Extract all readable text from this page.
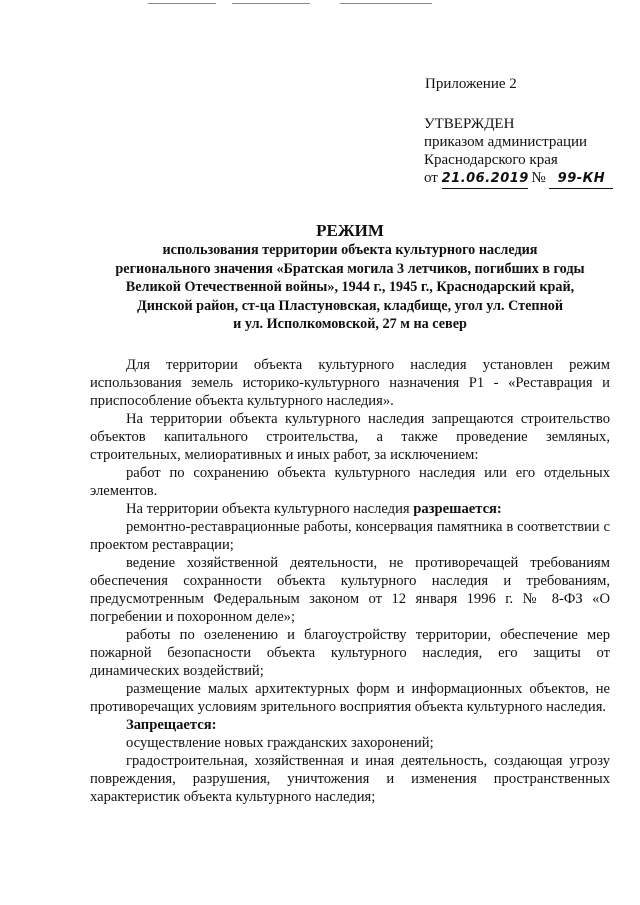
Приложение 2
УТВЕРЖДЕН
приказом администрации
Краснодарского края
от 21.06.2019 № 99-КН
РЕЖИМ
использования территории объекта культурного наследия
регионального значения «Братская могила 3 летчиков, погибших в годы
Великой Отечественной войны», 1944 г., 1945 г., Краснодарский край,
Динской район, ст-ца Пластуновская, кладбище, угол ул. Степной
и ул. Исполкомовской, 27 м на север

Для территории объекта культурного наследия установлен режим использования земель историко-культурного назначения Р1 - «Реставрация и приспособление объекта культурного наследия».

На территории объекта культурного наследия запрещаются строительство объектов капитального строительства, а также проведение земляных, строительных, мелиоративных и иных работ, за исключением:

работ по сохранению объекта культурного наследия или его отдельных элементов.

На территории объекта культурного наследия разрешается:

ремонтно-реставрационные работы, консервация памятника в соответствии с проектом реставрации;

ведение хозяйственной деятельности, не противоречащей требованиям обеспечения сохранности объекта культурного наследия и требованиям, предусмотренным Федеральным законом от 12 января 1996 г. № 8-ФЗ «О погребении и похоронном деле»;

работы по озеленению и благоустройству территории, обеспечение мер пожарной безопасности объекта культурного наследия, его защиты от динамических воздействий;

размещение малых архитектурных форм и информационных объектов, не противоречащих условиям зрительного восприятия объекта культурного наследия.

Запрещается:

осуществление новых гражданских захоронений;

градостроительная, хозяйственная и иная деятельность, создающая угрозу повреждения, разрушения, уничтожения и изменения пространственных характеристик объекта культурного наследия;
